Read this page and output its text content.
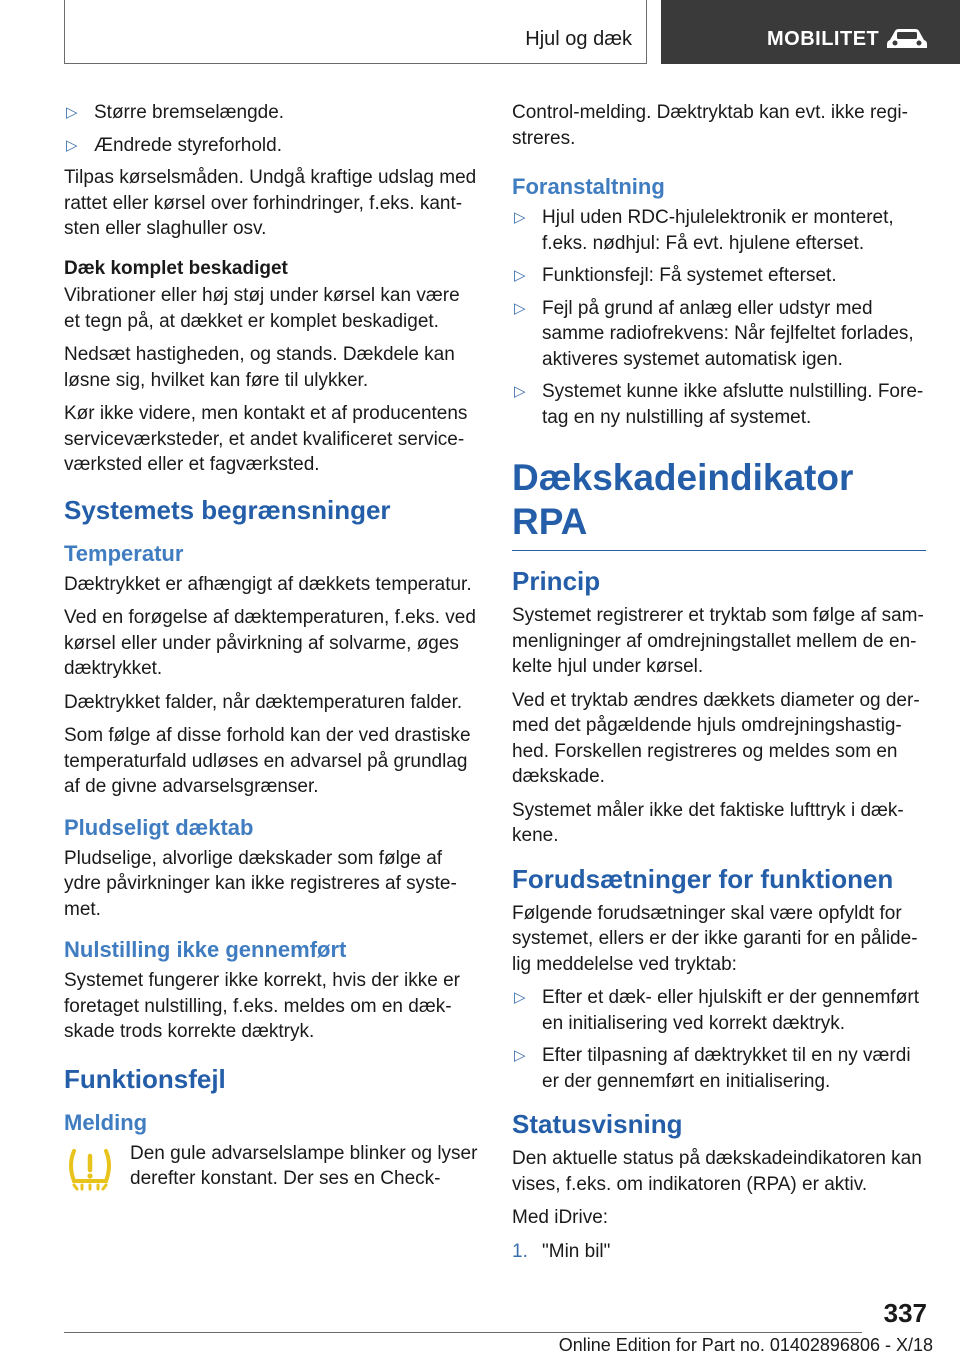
Hjul og dæk	MOBILITET
▷ Større bremselængde.
▷ Ændrede styreforhold.

Tilpas kørselsmåden. Undgå kraftige udslag med rattet eller kørsel over forhindringer, f.eks. kantsten eller slaghuller osv.

Dæk komplet beskadiget

Vibrationer eller høj støj under kørsel kan være et tegn på, at dækket er komplet beskadiget.

Nedsæt hastigheden, og stands. Dækdele kan løsne sig, hvilket kan føre til ulykker.

Kør ikke videre, men kontakt et af producentens serviceværksteder, et andet kvalificeret serviceværksted eller et fagværksted.

Systemets begrænsninger
Temperatur

Dæktrykket er afhængigt af dækkets temperatur.

Ved en forøgelse af dæktemperaturen, f.eks. ved kørsel eller under påvirkning af solvarme, øges dæktrykket.

Dæktrykket falder, når dæktemperaturen falder.

Som følge af disse forhold kan der ved drastiske temperaturfald udløses en advarsel på grundlag af de givne advarselsgrænser.

Pludseligt dæktab

Pludselige, alvorlige dækskader som følge af ydre påvirkninger kan ikke registreres af systemet.

Nulstilling ikke gennemført

Systemet fungerer ikke korrekt, hvis der ikke er foretaget nulstilling, f.eks. meldes om en dækskade trods korrekte dæktryk.

Funktionsfejl
Melding

Den gule advarselslampe blinker og lyser derefter konstant. Der ses en Check-

Control-melding. Dæktryktab kan evt. ikke registreres.

Foranstaltning
▷ Hjul uden RDC-hjulelektronik er monteret, f.eks. nødhjul: Få evt. hjulene efterset.
▷ Funktionsfejl: Få systemet efterset.
▷ Fejl på grund af anlæg eller udstyr med samme radiofrekvens: Når fejlfeltet forlades, aktiveres systemet automatisk igen.
▷ Systemet kunne ikke afslutte nulstilling. Foretag en ny nulstilling af systemet.
Dækskadeindikator RPA
Princip

Systemet registrerer et tryktab som følge af sammenligninger af omdrejningstallet mellem de enkelte hjul under kørsel.

Ved et tryktab ændres dækkets diameter og dermed det pågældende hjuls omdrejningshastighed. Forskellen registreres og meldes som en dækskade.

Systemet måler ikke det faktiske lufttryk i dækkene.

Forudsætninger for funktionen

Følgende forudsætninger skal være opfyldt for systemet, ellers er der ikke garanti for en pålidelig meddelelse ved tryktab:

▷ Efter et dæk- eller hjulskift er der gennemført en initialisering ved korrekt dæktryk.
▷ Efter tilpasning af dæktrykket til en ny værdi er der gennemført en initialisering.
Statusvisning

Den aktuelle status på dækskadeindikatoren kan vises, f.eks. om indikatoren (RPA) er aktiv.

Med iDrive:

1. "Min bil"
337
Online Edition for Part no. 01402896806 - X/18
